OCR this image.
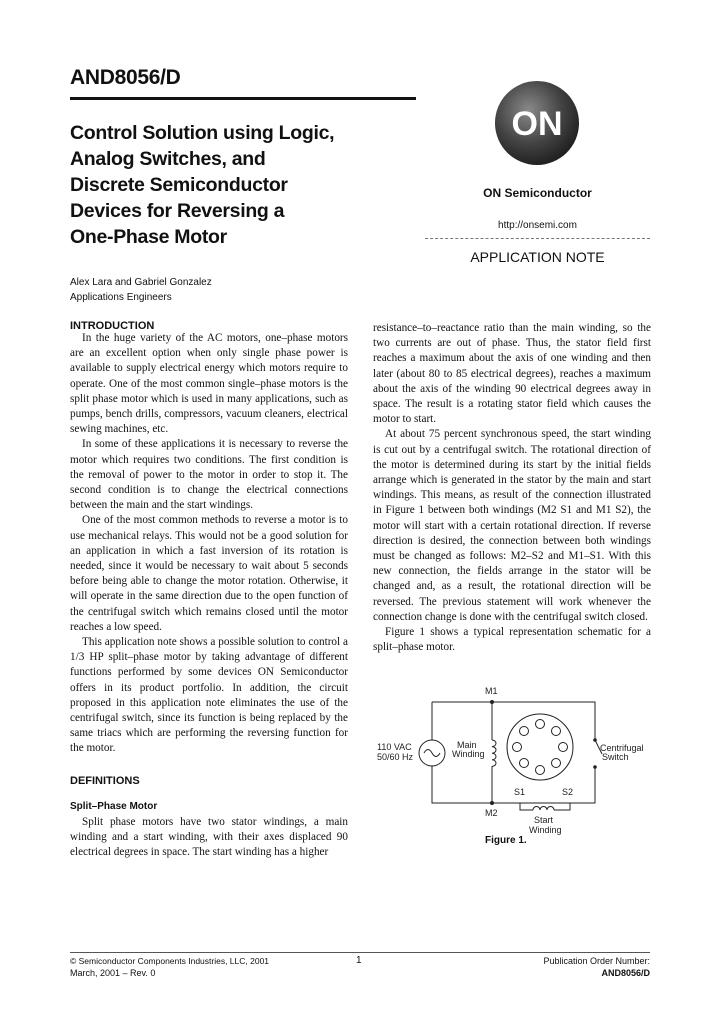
AND8056/D
Control Solution using Logic,
Analog Switches, and
Discrete Semiconductor
Devices for Reversing a
One-Phase Motor
ON
ON Semiconductor
http://onsemi.com
APPLICATION NOTE
Alex Lara and Gabriel Gonzalez
Applications Engineers
INTRODUCTION

In the huge variety of the AC motors, one–phase motors are an excellent option when only single phase power is available to supply electrical energy which motors require to operate. One of the most common single–phase motors is the split phase motor which is used in many applications, such as pumps, bench drills, compressors, vacuum cleaners, electrical sewing machines, etc.

In some of these applications it is necessary to reverse the motor which requires two conditions. The first condition is the removal of power to the motor in order to stop it. The second condition is to change the electrical connections between the main and the start windings.

One of the most common methods to reverse a motor is to use mechanical relays. This would not be a good solution for an application in which a fast inversion of its rotation is needed, since it would be necessary to wait about 5 seconds before being able to change the motor rotation. Otherwise, it will operate in the same direction due to the open function of the centrifugal switch which remains closed until the motor reaches a low speed.

This application note shows a possible solution to control a 1/3 HP split–phase motor by taking advantage of different functions performed by some devices ON Semiconductor offers in its product portfolio. In addition, the circuit proposed in this application note eliminates the use of the centrifugal switch, since its function is being replaced by the same triacs which are performing the reversing function for the motor.

DEFINITIONS
Split–Phase Motor

Split phase motors have two stator windings, a main winding and a start winding, with their axes displaced 90 electrical degrees in space. The start winding has a higher

resistance–to–reactance ratio than the main winding, so the two currents are out of phase. Thus, the stator field first reaches a maximum about the axis of one winding and then later (about 80 to 85 electrical degrees), reaches a maximum about the axis of the winding 90 electrical degrees away in space. The result is a rotating stator field which causes the motor to start.

At about 75 percent synchronous speed, the start winding is cut out by a centrifugal switch. The rotational direction of the motor is determined during its start by the initial fields arrange which is generated in the stator by the main and start windings. This means, as result of the connection illustrated in Figure 1 between both windings (M2 S1 and M1 S2), the motor will start with a certain rotational direction. If reverse direction is desired, the connection between both windings must be changed as follows: M2–S2 and M1–S1. With this new connection, the fields arrange in the stator will be changed and, as a result, the rotational direction will be reversed. The previous statement will work whenever the connection change is done with the centrifugal switch closed.

Figure 1 shows a typical representation schematic for a split–phase motor.

M1
M2
110 VAC
50/60 Hz
Main
Winding
S1	S2
Start
Winding
Centrifugal
Switch
Figure 1.
© Semiconductor Components Industries, LLC, 2001
March, 2001 – Rev. 0
1	Publication Order Number:
AND8056/D
